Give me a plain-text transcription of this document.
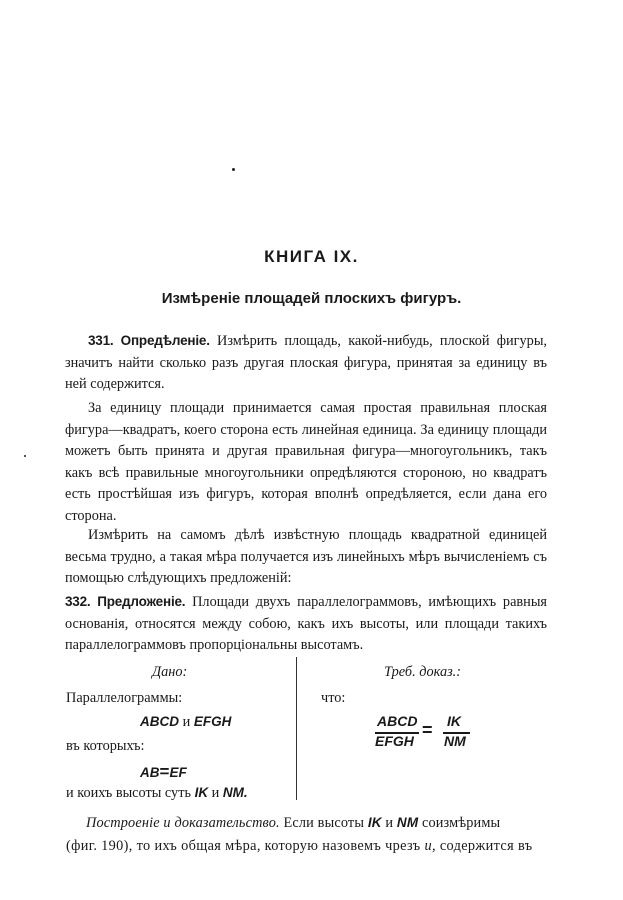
КНИГА IX.
Измѣреніе площадей плоскихъ фигуръ.
331. Опредѣленіе. Измѣрить площадь, какой-нибудь, плоской фигуры, значитъ найти сколько разъ другая плоская фигура, принятая за единицу въ ней содержится.
За единицу площади принимается самая простая правильная плоская фигура—квадратъ, коего сторона есть линейная единица. За единицу площади можетъ быть принята и другая правильная фигура—многоугольникъ, такъ какъ всѣ правильные многоугольники опредѣляются стороною, но квадратъ есть простѣйшая изъ фигуръ, которая вполнѣ опредѣляется, если дана его сторона.
Измѣрить на самомъ дѣлѣ извѣстную площадь квадратной единицей весьма трудно, а такая мѣра получается изъ линейныхъ мѣръ вычисленіемъ съ помощью слѣдующихъ предложеній:
332. Предложеніе. Площади двухъ параллелограммовъ, имѣющихъ равныя основанія, относятся между собою, какъ ихъ высоты, или площади такихъ параллелограммовъ пропорціональны высотамъ.
Дано:
Параллелограммы:
ABCD и EFGH
въ которыхъ:
AB=EF
и коихъ высоты суть IK и NM.
Треб. доказ.:
что:
ABCD
EFGH
= IK
NM
Построеніе и доказательство. Если высоты IK и NM соизмѣримы
(фиг. 190), то ихъ общая мѣра, которую назовемъ чрезъ и, содержится въ
